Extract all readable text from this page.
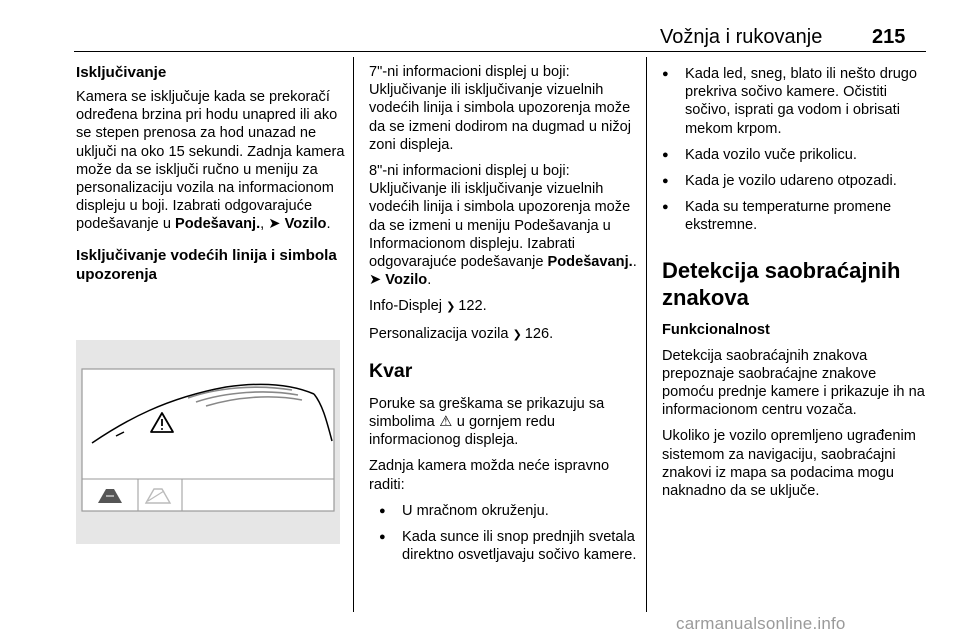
Vožnja i rukovanje 215
Isključivanje

Kamera se isključuje kada se prekoračí određena brzina pri hodu unapred ili ako se stepen prenosa za hod unazad ne uključi na oko 15 sekundi. Zadnja kamera može da se isključi ručno u meniju za personalizaciju vozila na informacionom displeju u boji. Izabrati odgovarajuće podešavanje u Podešavanj., ➤ Vozilo.

Isključivanje vodećih linija i simbola upozorenja

7"-ni informacioni displej u boji: Uključivanje ili isključivanje vizuelnih vodećih linija i simbola upozorenja može da se izmeni dodirom na dugmad u nižoj zoni displeja.

8"-ni informacioni displej u boji: Uključivanje ili isključivanje vizuelnih vodećih linija i simbola upozorenja može da se izmeni u meniju Podešavanja u Informacionom displeju. Izabrati odgovarajuće podešavanje Podešavanj.. ➤ Vozilo.

Info-Displej ❯ 122.

Personalizacija vozila ❯ 126.

Kvar

Poruke sa greškama se prikazuju sa simbolima ⚠ u gornjem redu informacionog displeja.

Zadnja kamera možda neće ispravno raditi:

● U mračnom okruženju.
● Kada sunce ili snop prednjih svetala direktno osvetljavaju sočivo kamere.
● Kada led, sneg, blato ili nešto drugo prekriva sočivo kamere. Očistiti sočivo, isprati ga vodom i obrisati mekom krpom.
● Kada vozilo vuče prikolicu.
● Kada je vozilo udareno otpozadi.
● Kada su temperaturne promene ekstremne.
Detekcija saobraćajnih znakova
Funkcionalnost

Detekcija saobraćajnih znakova prepoznaje saobraćajne znakove pomoću prednje kamere i prikazuje ih na informacionom centru vozača.

Ukoliko je vozilo opremljeno ugrađenim sistemom za navigaciju, saobraćajni znakovi iz mapa sa podacima mogu naknadno da se uključe.

carmanualsonline.info
